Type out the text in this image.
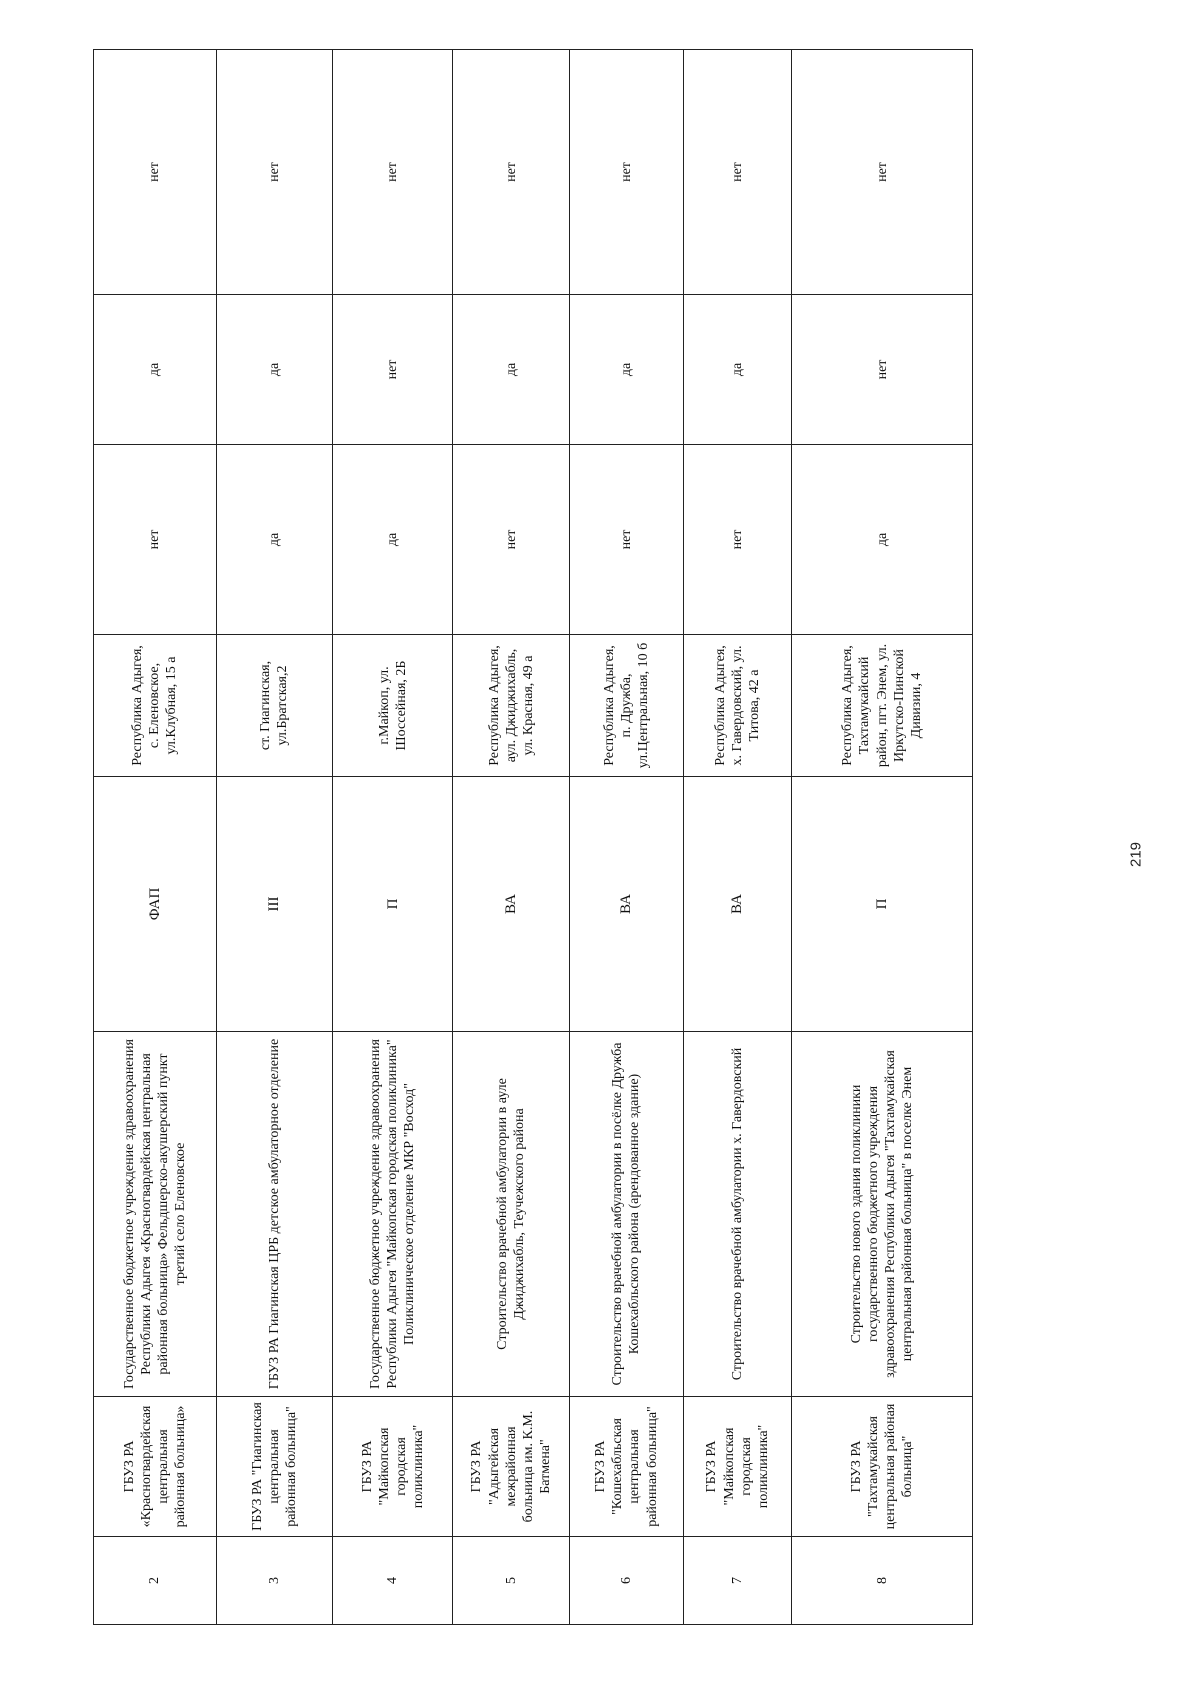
2	ГБУЗ РА «Красногвардейская центральная районная больница»	Государственное бюджетное учреждение здравоохранения Республики Адыгея «Красногвардейская центральная районная больница» Фельдшерско-акушерский пункт третий село Еленовское	ФАП	Республика Адыгея, с. Еленовское, ул.Клубная, 15 а	нет	да	нет
3	ГБУЗ РА "Гиагинская центральная районная больница"	ГБУЗ РА Гиагинская ЦРБ детское амбулаторное отделение	III	ст. Гиагинская, ул.Братская,2	да	да	нет
4	ГБУЗ РА "Майкопская городская поликлиника"	Государственное бюджетное учреждение здравоохранения Республики Адыгея "Майкопская городская поликлиника" Поликлиническое отделение МКР "Восход"	П	г.Майкоп, ул. Шоссейная, 2Б	да	нет	нет
5	ГБУЗ РА "Адыгейская межрайонная больница им. К.М. Батмена"	Строительство врачебной амбулатории в ауле Джиджихабль, Теучежского района	ВА	Республика Адыгея, аул. Джиджихабль, ул. Красная, 49 а	нет	да	нет
6	ГБУЗ РА "Кошехабльская центральная районная больница"	Строительство врачебной амбулатории в посёлке Дружба Кошехабльского района (арендованное здание)	ВА	Республика Адыгея, п. Дружба, ул.Центральная, 10 б	нет	да	нет
7	ГБУЗ РА "Майкопская городская поликлиника"	Строительство врачебной амбулатории х. Гавердовский	ВА	Республика Адыгея, х. Гавердовский, ул. Титова, 42 а	нет	да	нет
8	ГБУЗ РА "Тахтамукайская центральная районая больница"	Строительство нового здания поликлиники государственного бюджетного учреждения здравоохранения Республики Адыгея "Тахтамукайская центральная районная больница" в поселке Энем	П	Республика Адыгея, Тахтамукайский район, пгт. Энем, ул. Иркутско-Пинской Дивизии, 4	да	нет	нет
219
